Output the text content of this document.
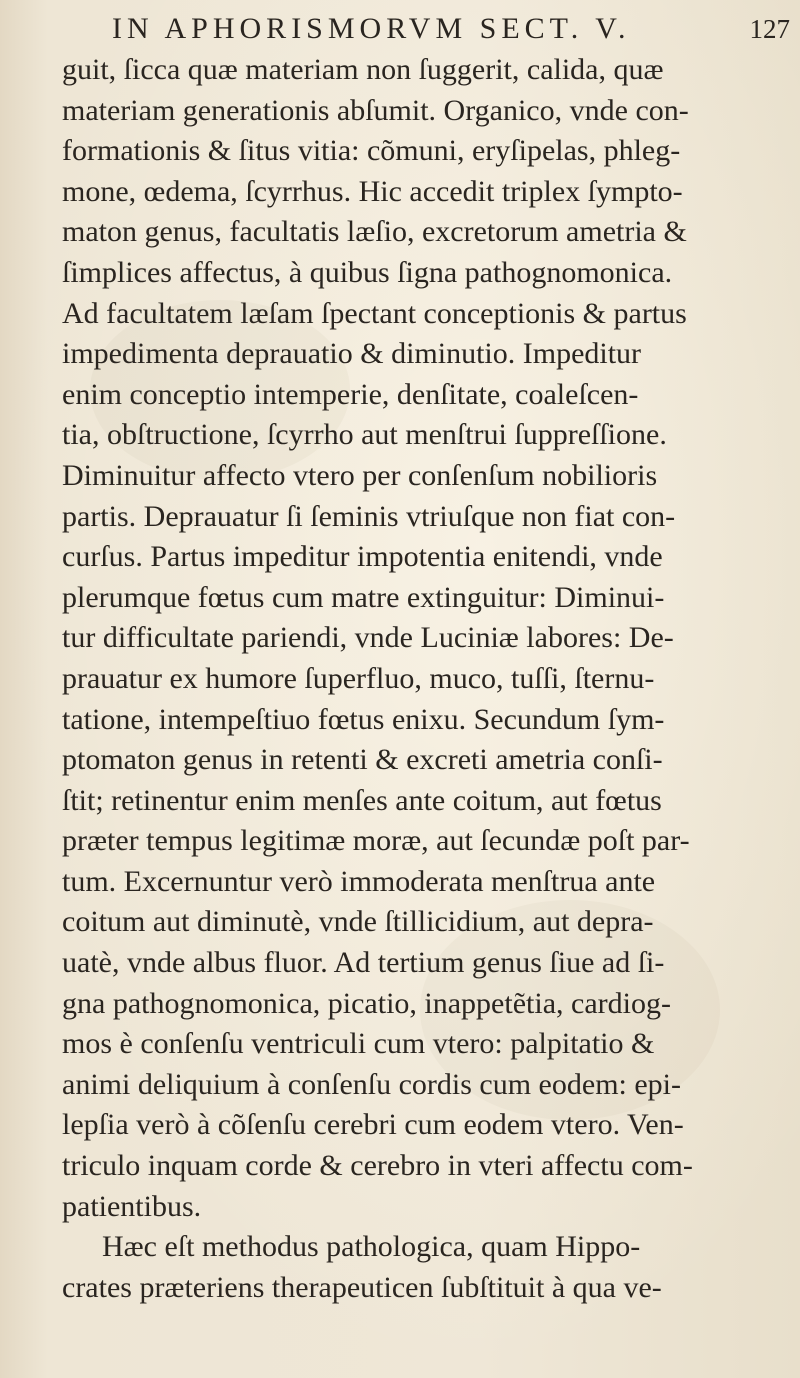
IN APHORISMORVM SECT. V.	127
guit, ſicca quæ materiam non ſuggerit, calida, quæ
materiam generationis abſumit. Organico, vnde con-
formationis & ſitus vitia: cõmuni, eryſipelas, phleg-
mone, œdema, ſcyrrhus. Hic accedit triplex ſympto-
maton genus, facultatis læſio, excretorum ametria &
ſimplices affectus, à quibus ſigna pathognomonica.
Ad facultatem læſam ſpectant conceptionis & partus
impedimenta deprauatio & diminutio. Impeditur
enim conceptio intemperie, denſitate, coaleſcen-
tia, obſtructione, ſcyrrho aut menſtrui ſuppreſſione.
Diminuitur affecto vtero per conſenſum nobilioris
partis. Deprauatur ſi ſeminis vtriuſque non fiat con-
curſus. Partus impeditur impotentia enitendi, vnde
plerumque fœtus cum matre extinguitur: Diminui-
tur difficultate pariendi, vnde Luciniæ labores: De-
prauatur ex humore ſuperfluo, muco, tuſſi, ſternu-
tatione, intempeſtiuo fœtus enixu. Secundum ſym-
ptomaton genus in retenti & excreti ametria conſi-
ſtit; retinentur enim menſes ante coitum, aut fœtus
præter tempus legitimæ moræ, aut ſecundæ poſt par-
tum. Excernuntur verò immoderata menſtrua ante
coitum aut diminutè, vnde ſtillicidium, aut depra-
uatè, vnde albus fluor. Ad tertium genus ſiue ad ſi-
gna pathognomonica, picatio, inappetẽtia, cardiog-
mos è conſenſu ventriculi cum vtero: palpitatio &
animi deliquium à conſenſu cordis cum eodem: epi-
lepſia verò à cõſenſu cerebri cum eodem vtero. Ven-
triculo inquam corde & cerebro in vteri affectu com-
patientibus.
Hæc eſt methodus pathologica, quam Hippo-
crates præteriens therapeuticen ſubſtituit à qua ve-
